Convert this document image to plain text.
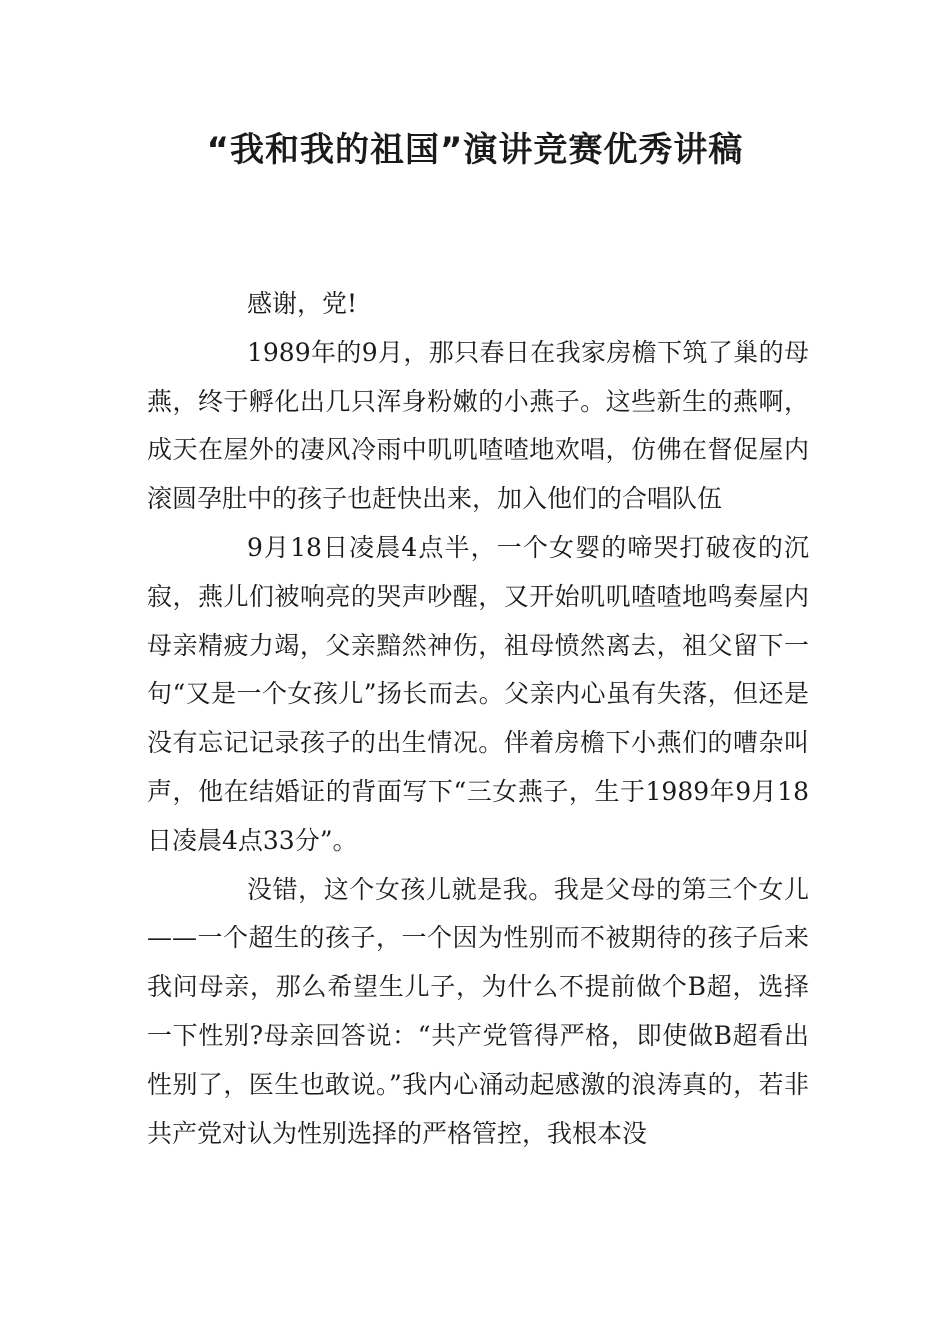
“我和我的祖国”演讲竞赛优秀讲稿

感谢，党!

1989年的9月，那只春日在我家房檐下筑了巢的母燕，终于孵化出几只浑身粉嫩的小燕子。这些新生的燕啊，成天在屋外的凄风冷雨中叽叽喳喳地欢唱，仿佛在督促屋内滚圆孕肚中的孩子也赶快出来，加入他们的合唱队伍

9月18日凌晨4点半，一个女婴的啼哭打破夜的沉寂，燕儿们被响亮的哭声吵醒，又开始叽叽喳喳地鸣奏屋内母亲精疲力竭，父亲黯然神伤，祖母愤然离去，祖父留下一句“又是一个女孩儿”扬长而去。父亲内心虽有失落，但还是没有忘记记录孩子的出生情况。伴着房檐下小燕们的嘈杂叫声，他在结婚证的背面写下“三女燕子，生于1989年9月18日凌晨4点33分”。

没错，这个女孩儿就是我。我是父母的第三个女儿——一个超生的孩子，一个因为性别而不被期待的孩子后来我问母亲，那么希望生儿子，为什么不提前做个B超，选择一下性别?母亲回答说：“共产党管得严格，即使做B超看出性别了，医生也敢说。”我内心涌动起感激的浪涛真的，若非共产党对认为性别选择的严格管控，我根本没
